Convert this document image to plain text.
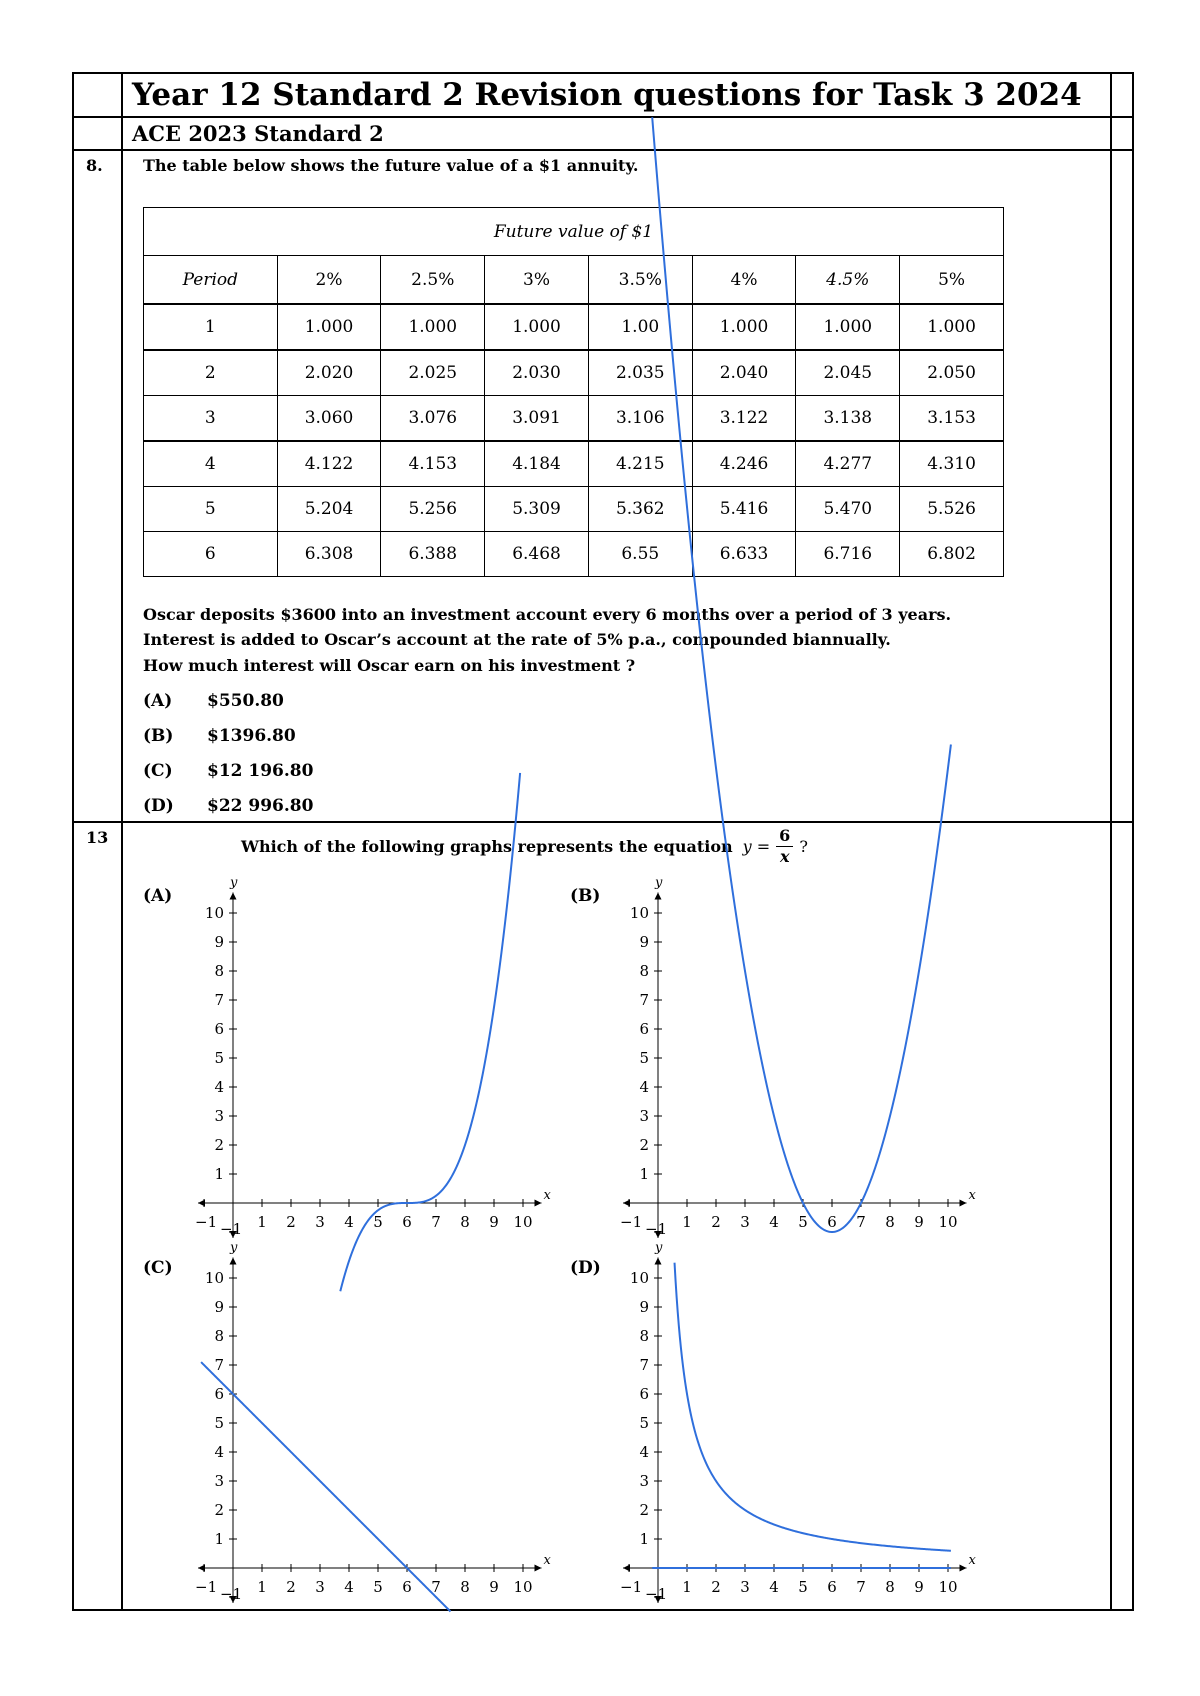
Year 12 Standard 2 Revision questions for Task 3 2024
ACE 2023 Standard 2
8.	The table below shows the future value of a $1 annuity.
Future value of $1							
Period	2%	2.5%	3%	3.5%	4%	4.5%	5%
1	1.000	1.000	1.000	1.00	1.000	1.000	1.000
2	2.020	2.025	2.030	2.035	2.040	2.045	2.050
3	3.060	3.076	3.091	3.106	3.122	3.138	3.153
4	4.122	4.153	4.184	4.215	4.246	4.277	4.310
5	5.204	5.256	5.309	5.362	5.416	5.470	5.526
6	6.308	6.388	6.468	6.55	6.633	6.716	6.802
Oscar deposits $3600 into an investment account every 6 months over a period of 3 years.
Interest is added to Oscar’s account at the rate of 5% p.a., compounded biannually.
How much interest will Oscar earn on his investment ?
(A) $550.80
(B) $1396.80
(C) $12 196.80
(D) $22 996.80
13	Which of the following graphs represents the equation $y = \frac{6}{x}$ ?
(A)	(B)
(C)	(D)
x
y
1 2 3 4 5 6 7 8 9 10
1
2
3
4
5
6
7
8
9
10
−1 −1
x
y
1 2 3 4 5 6 7 8 9 10
1
2
3
4
5
6
7
8
9
10
−1 −1
x
y
1 2 3 4 5 6 7 8 9 10
1
2
3
4
5
6
7
8
9
10
−1 −1
x
y
1 2 3 4 5 6 7 8 9 10
1
2
3
4
5
6
7
8
9
10
−1 −1
